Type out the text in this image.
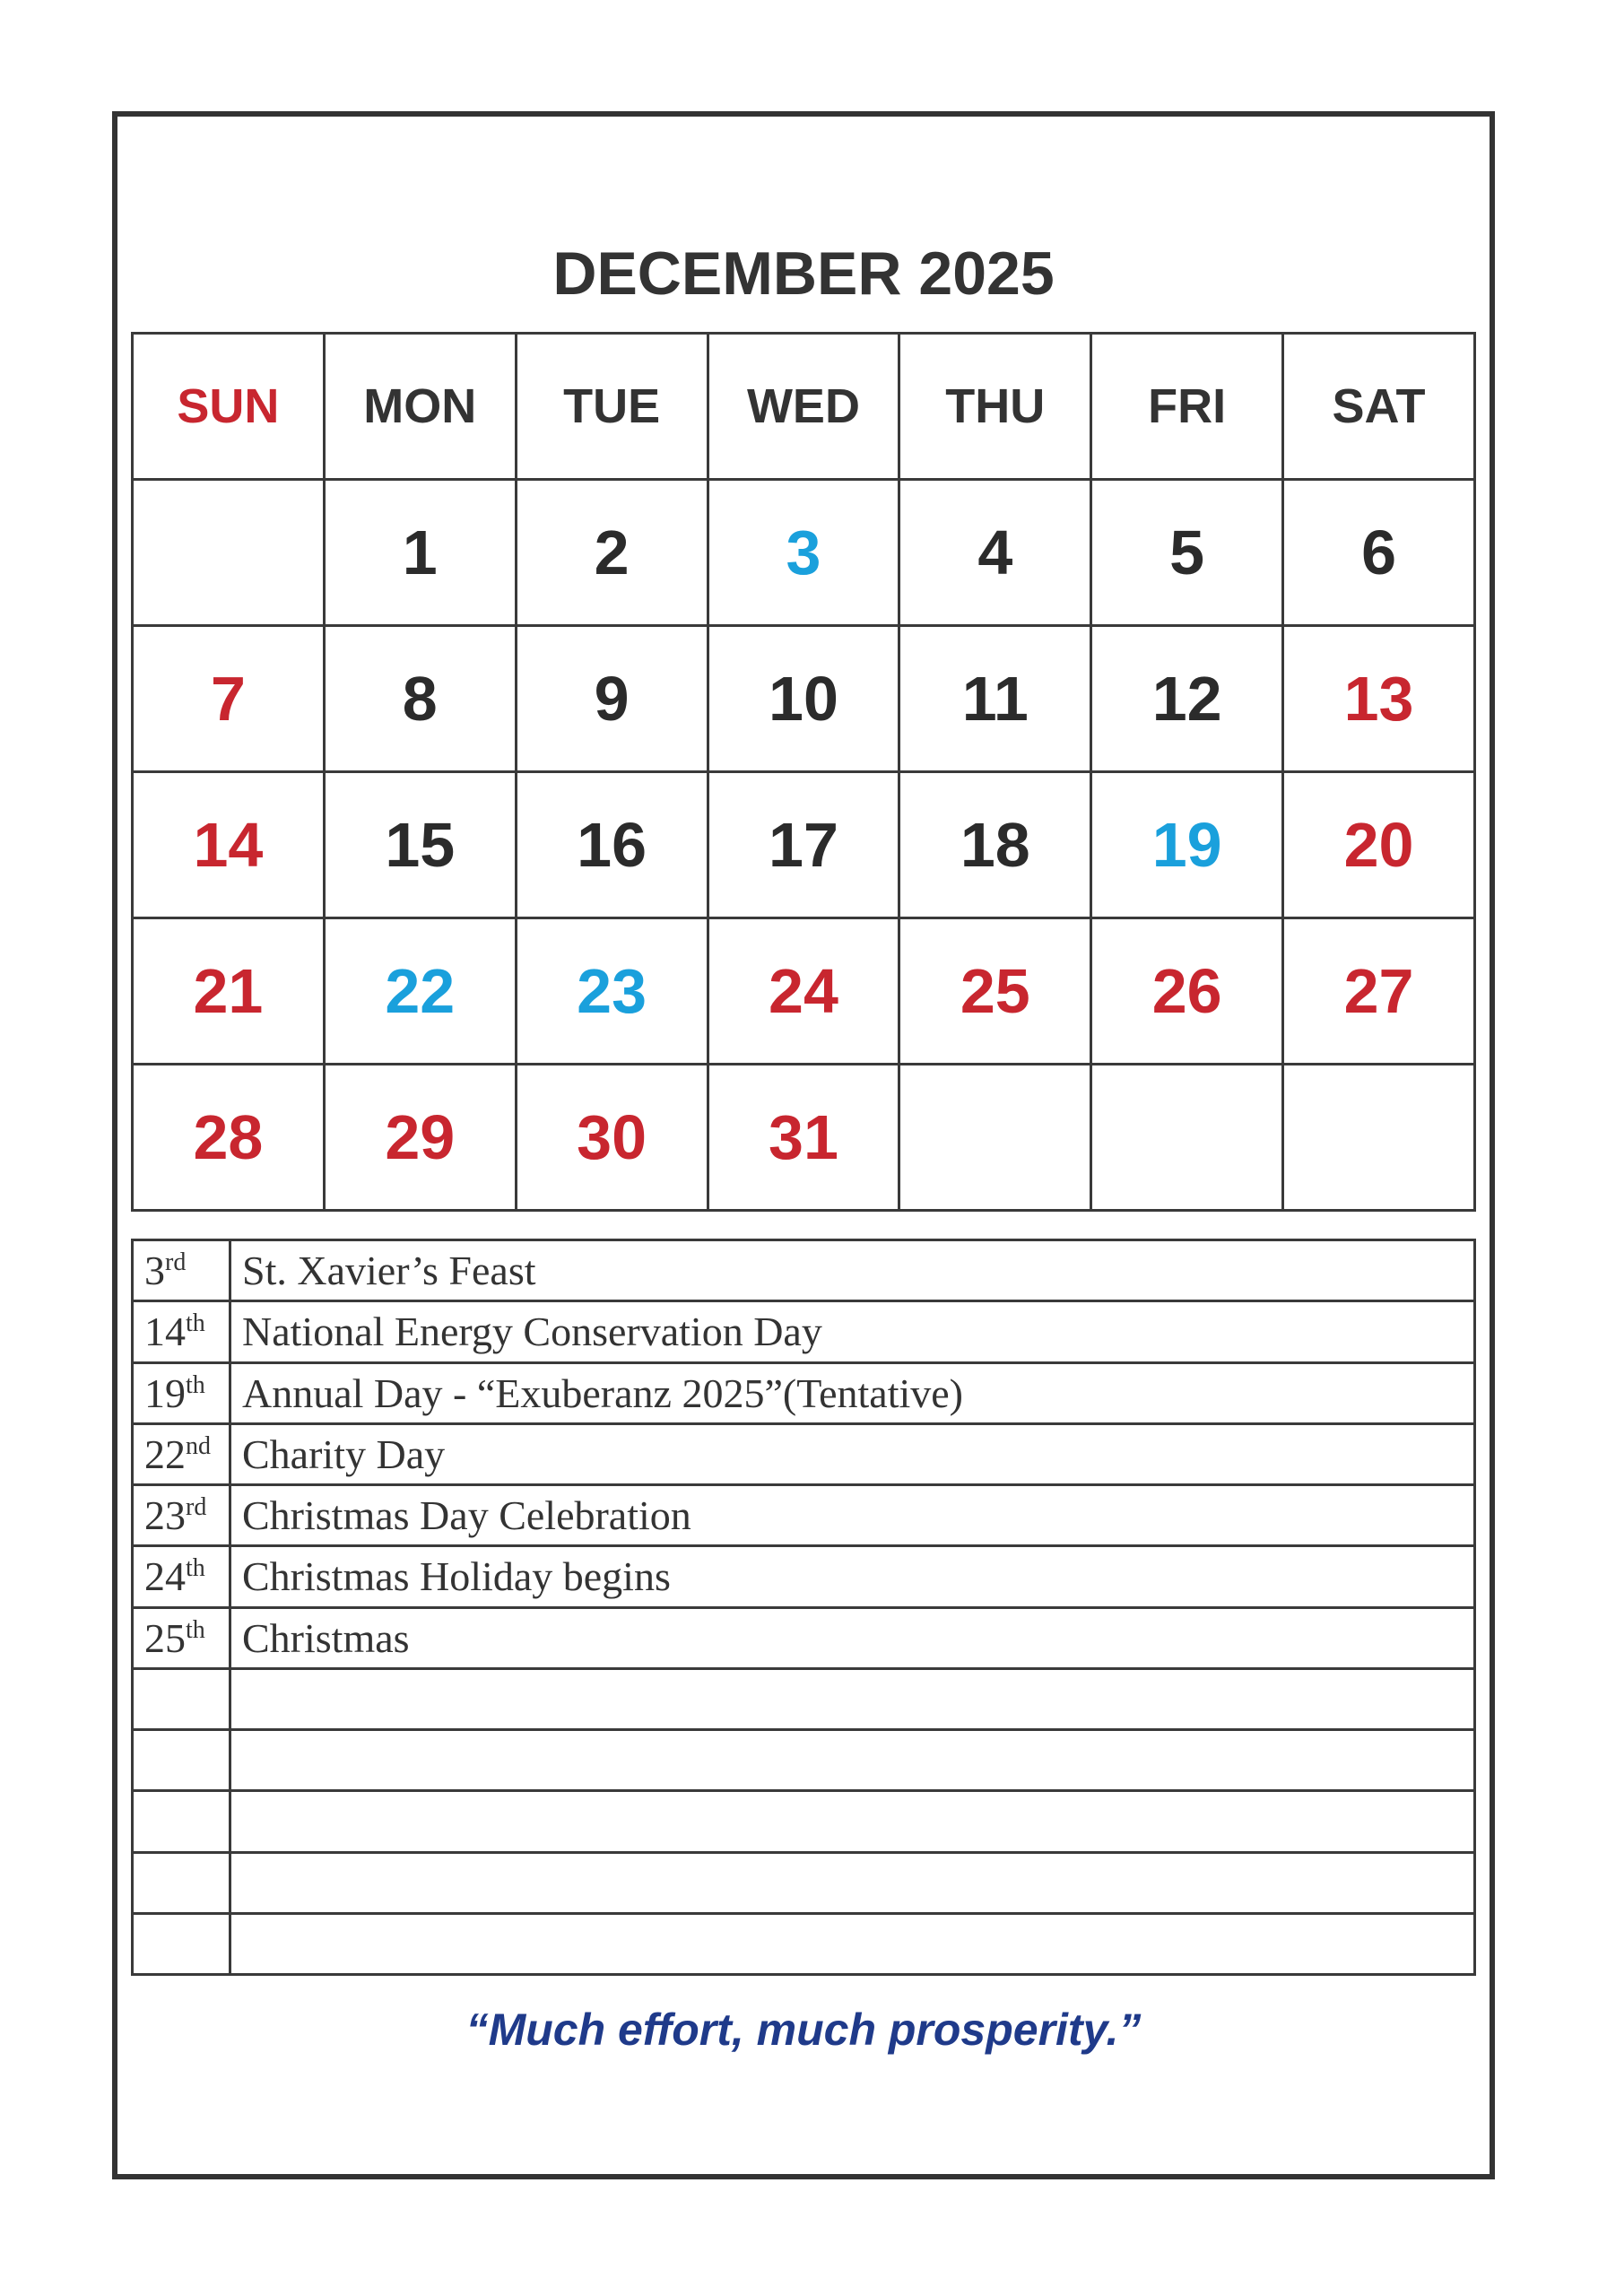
DECEMBER 2025
SUN	MON	TUE	WED	THU	FRI	SAT
	1	2	3	4	5	6
7	8	9	10	11	12	13
14	15	16	17	18	19	20
21	22	23	24	25	26	27
28	29	30	31			
3rd	St. Xavier’s Feast
14th	National Energy Conservation Day
19th	Annual Day - “Exuberanz 2025”(Tentative)
22nd	Charity Day
23rd	Christmas Day Celebration
24th	Christmas Holiday begins
25th	Christmas

“Much effort, much prosperity.”
